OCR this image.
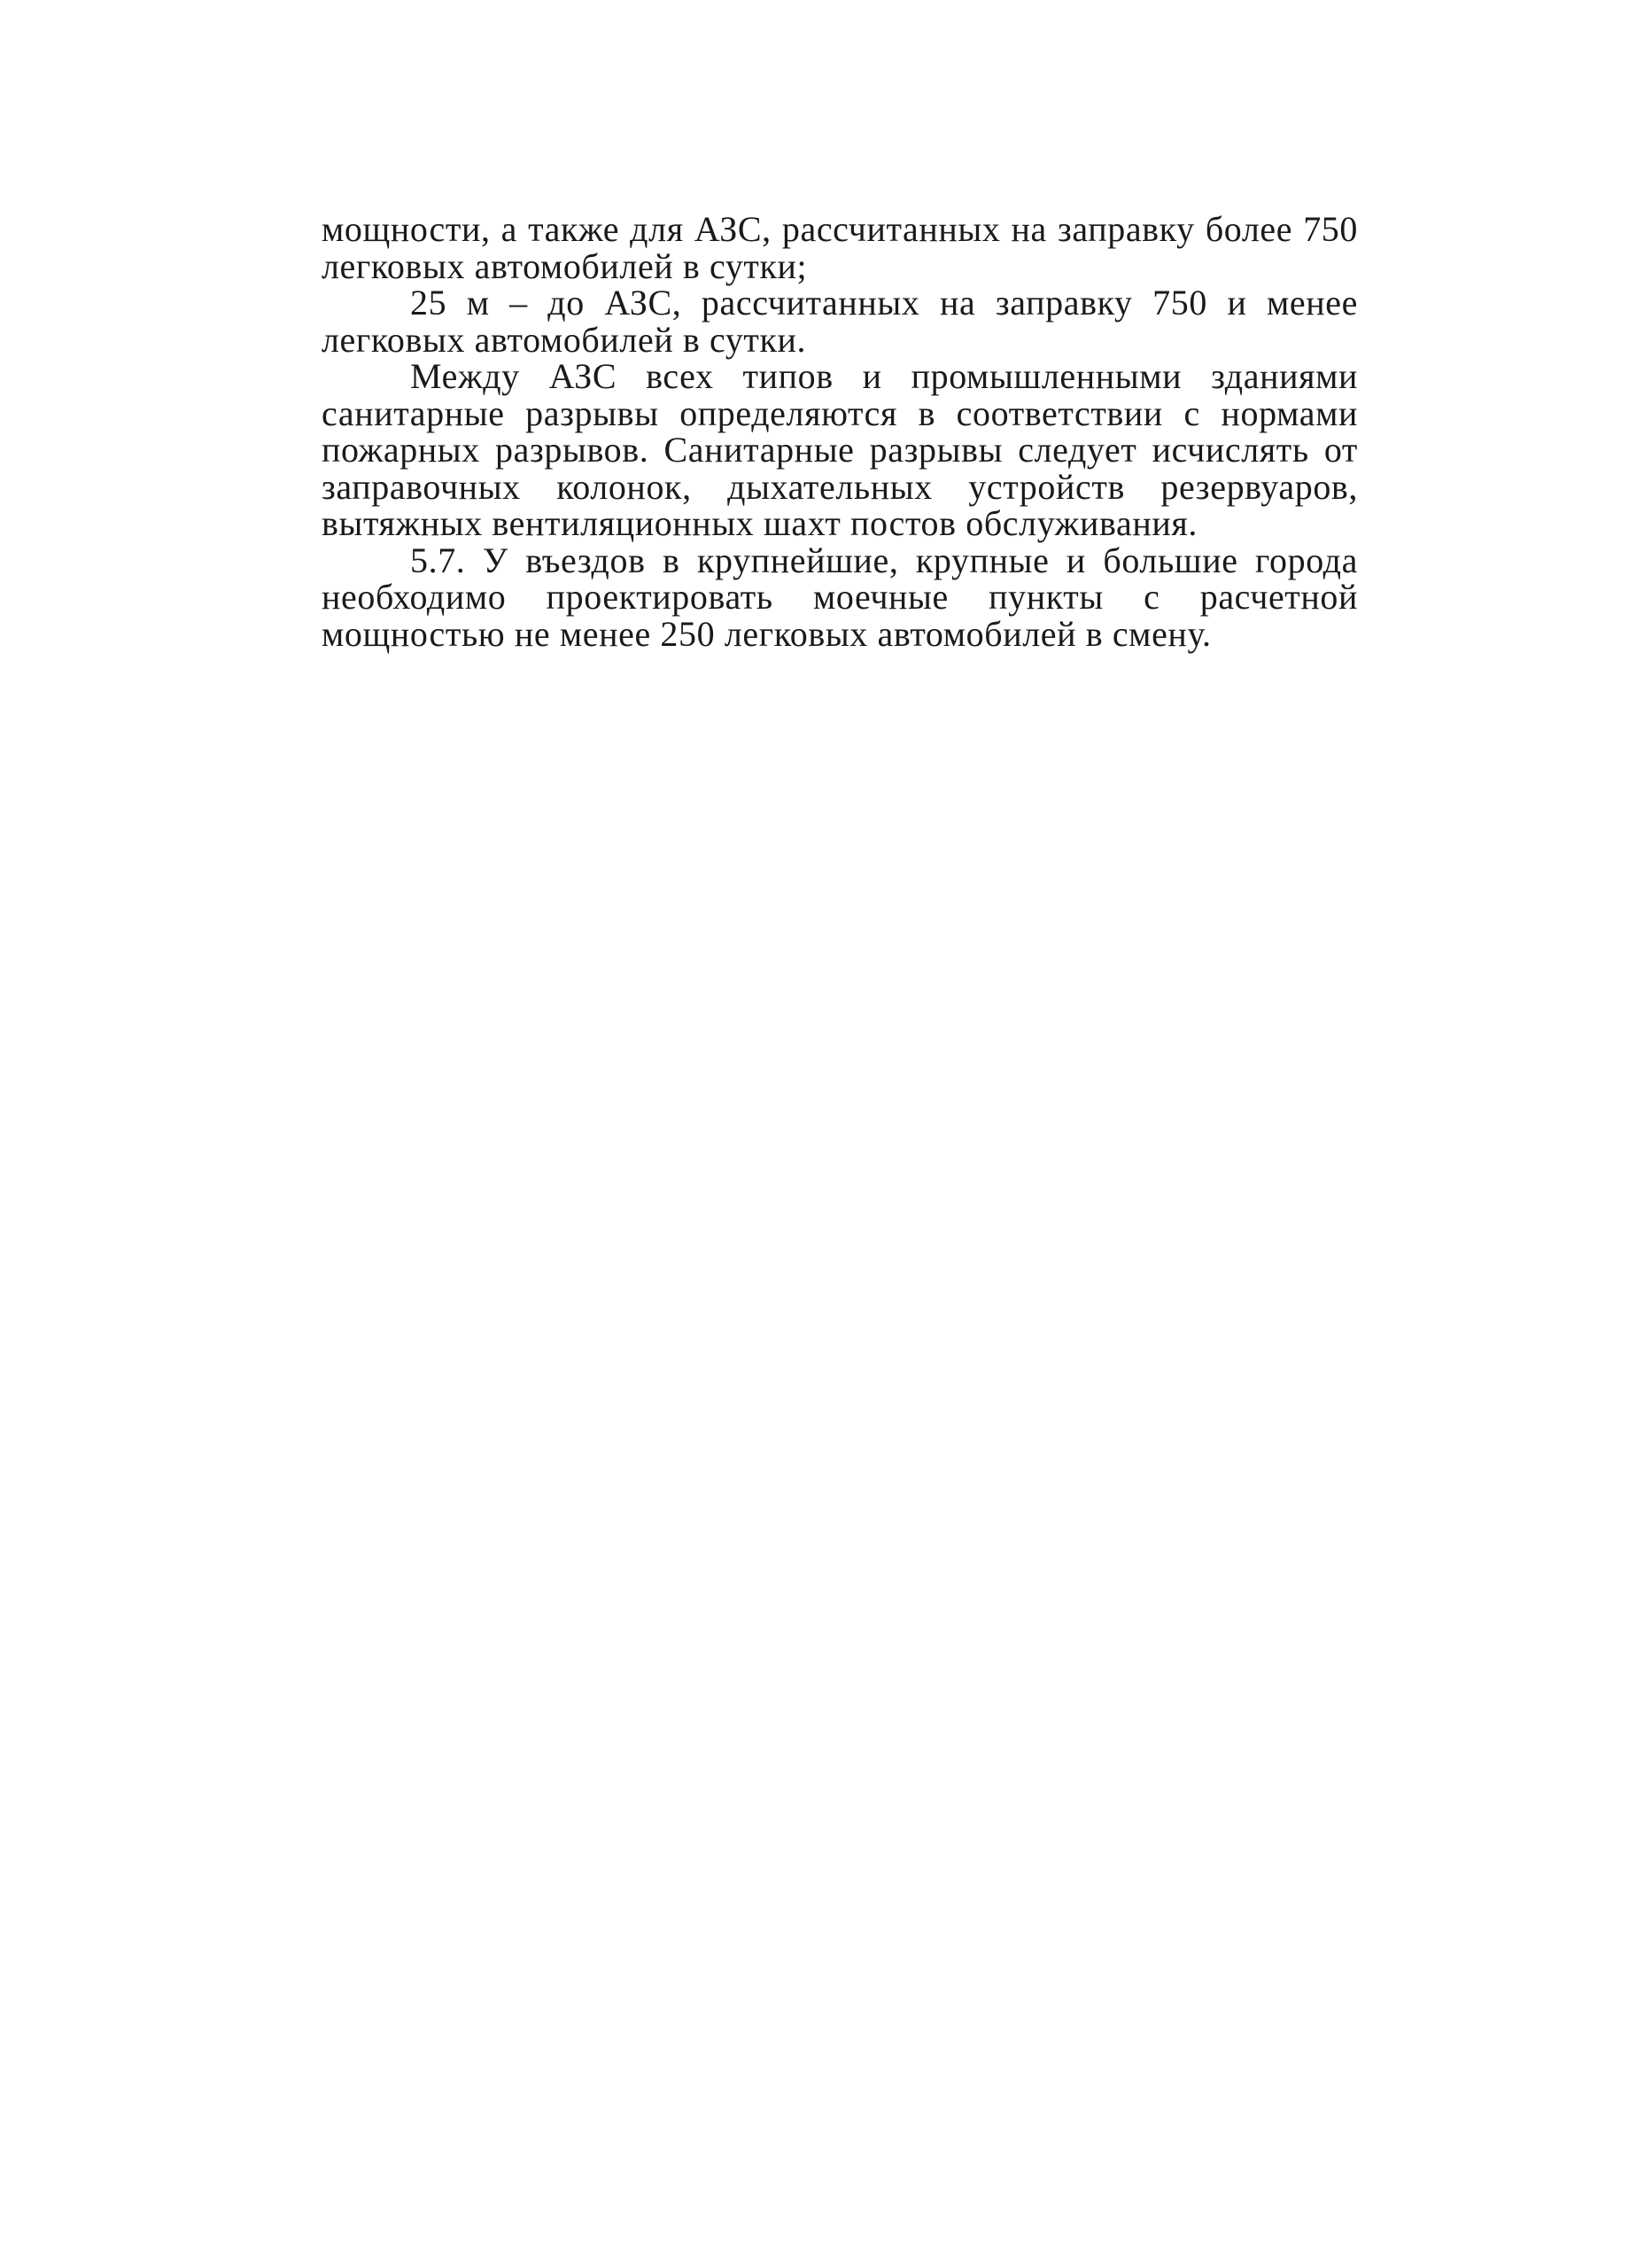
мощности, а также для АЗС, рассчитанных на заправку более 750 легковых автомобилей в сутки;

25 м – до АЗС, рассчитанных на заправку 750 и менее легковых автомобилей в сутки.

Между АЗС всех типов и промышленными зданиями санитарные разрывы определяются в соответствии с нормами пожарных разрывов. Санитарные разрывы следует исчислять от заправочных колонок, дыхательных устройств резервуаров, вытяжных вентиляционных шахт постов обслуживания.

5.7. У въездов в крупнейшие, крупные и большие города необходимо проектировать моечные пункты с расчетной мощностью не менее 250 легковых автомобилей в смену.
